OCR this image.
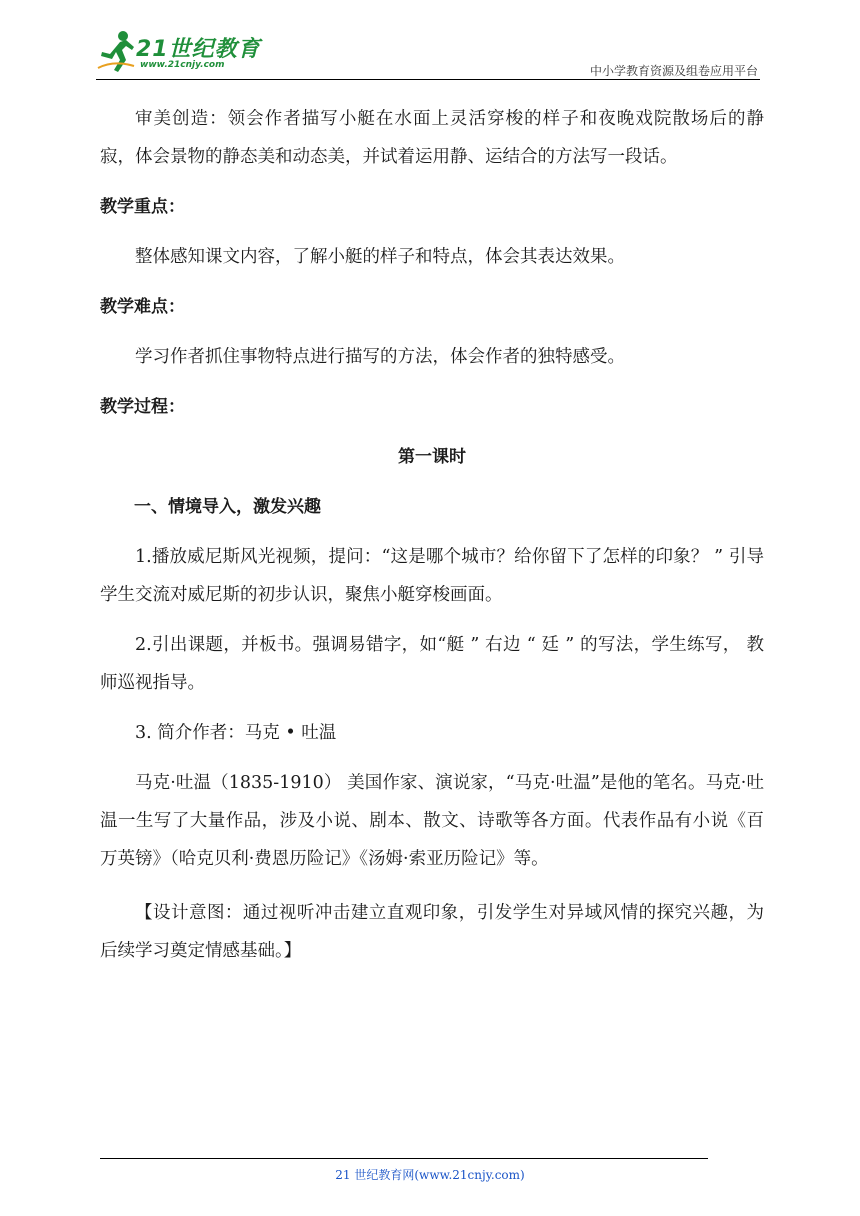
21世纪教育
www.21cnjy.com	中小学教育资源及组卷应用平台

审美创造：领会作者描写小艇在水面上灵活穿梭的样子和夜晚戏院散场后的静寂，体会景物的静态美和动态美，并试着运用静、运结合的方法写一段话。

教学重点：

整体感知课文内容，了解小艇的样子和特点，体会其表达效果。

教学难点：

学习作者抓住事物特点进行描写的方法，体会作者的独特感受。

教学过程：

第一课时

一、情境导入，激发兴趣

1.播放威尼斯风光视频，提问：“这是哪个城市？给你留下了怎样的印象？ ” 引导学生交流对威尼斯的初步认识，聚焦小艇穿梭画面。

2.引出课题，并板书。强调易错字，如“艇 ” 右边 “ 廷 ” 的写法，学生练写， 教师巡视指导。

3. 简介作者：马克 • 吐温

马克·吐温（1835-1910） 美国作家、演说家，“马克·吐温”是他的笔名。马克·吐温一生写了大量作品，涉及小说、剧本、散文、诗歌等各方面。代表作品有小说《百万英镑》（哈克贝利·费恩历险记》《汤姆·索亚历险记》等。

【设计意图：通过视听冲击建立直观印象，引发学生对异域风情的探究兴趣，为 后续学习奠定情感基础。】

21 世纪教育网(www.21cnjy.com)
